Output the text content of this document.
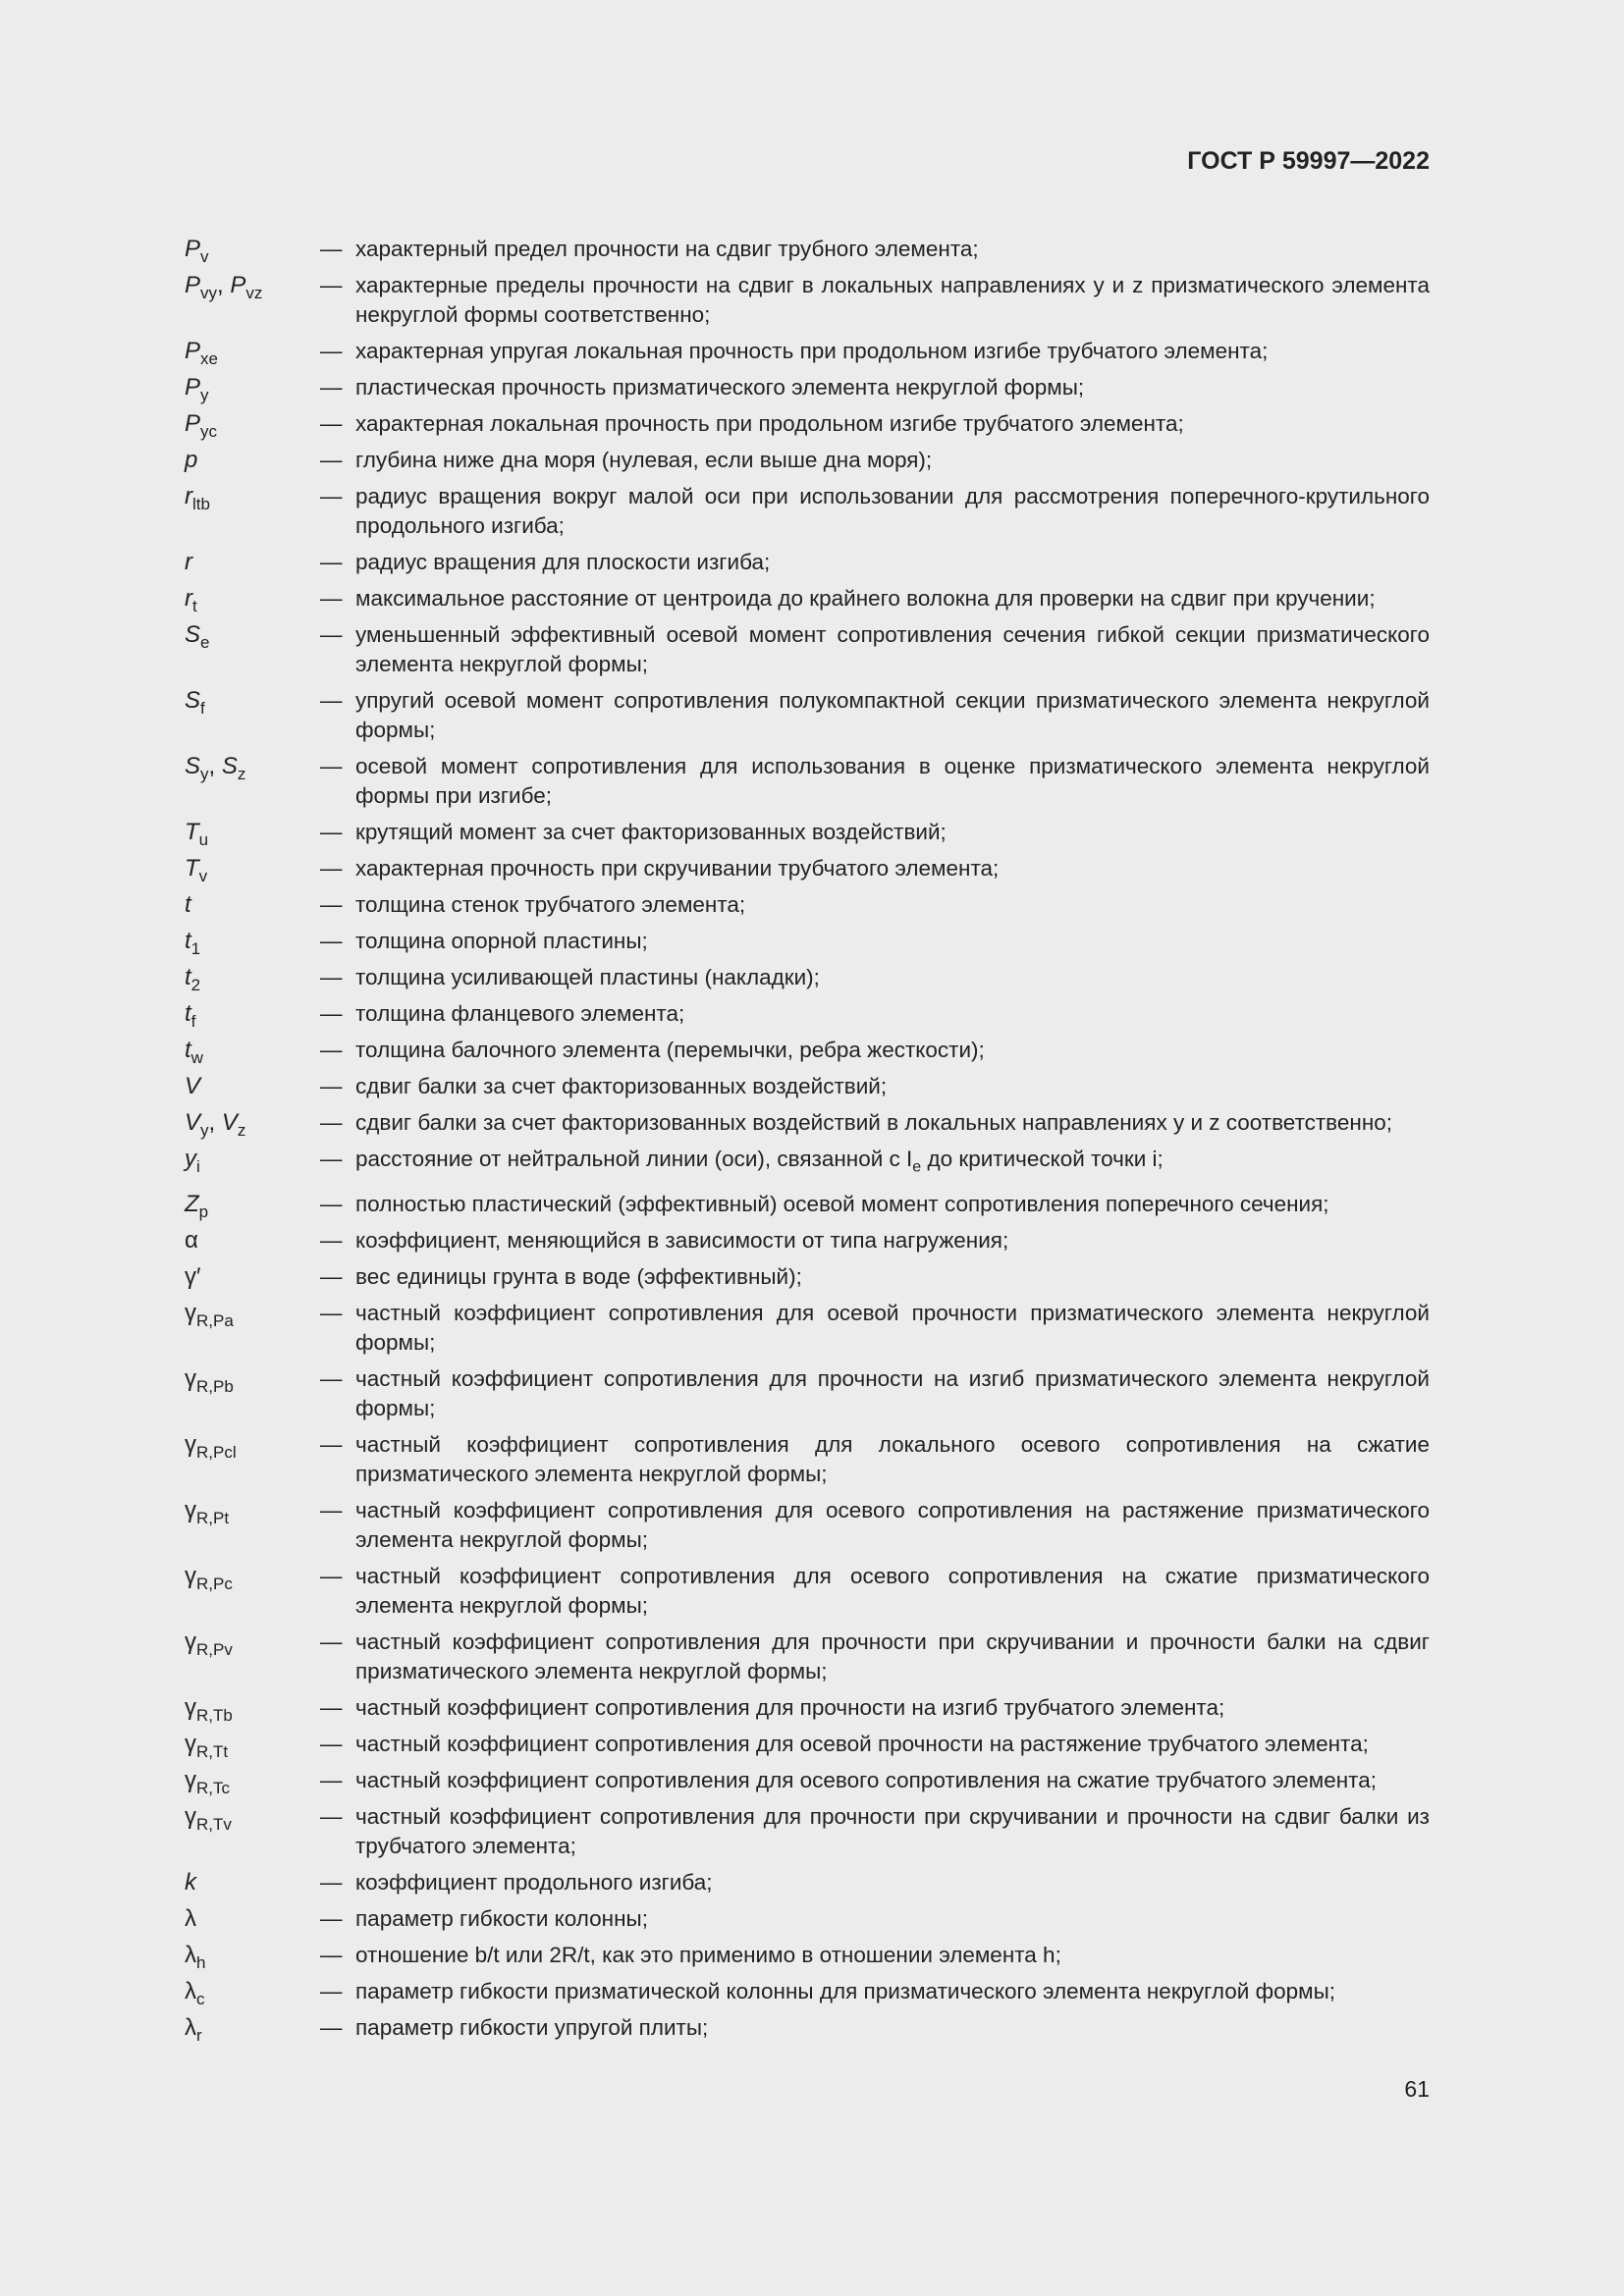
ГОСТ Р 59997—2022
$P_v$	— характерный предел прочности на сдвиг трубного элемента;
$P_{vy}$, $P_{vz}$	— характерные пределы прочности на сдвиг в локальных направлениях y и z призматического элемента некруглой формы соответственно;
$P_{xe}$	— характерная упругая локальная прочность при продольном изгибе трубчатого элемента;
$P_y$	— пластическая прочность призматического элемента некруглой формы;
$P_{yc}$	— характерная локальная прочность при продольном изгибе трубчатого элемента;
p	— глубина ниже дна моря (нулевая, если выше дна моря);
$r_{ltb}$	— радиус вращения вокруг малой оси при использовании для рассмотрения поперечного-крутильного продольного изгиба;
r	— радиус вращения для плоскости изгиба;
$r_t$	— максимальное расстояние от центроида до крайнего волокна для проверки на сдвиг при кручении;
$S_e$	— уменьшенный эффективный осевой момент сопротивления сечения гибкой секции призматического элемента некруглой формы;
$S_f$	— упругий осевой момент сопротивления полукомпактной секции призматического элемента некруглой формы;
$S_y$, $S_z$	— осевой момент сопротивления для использования в оценке призматического элемента некруглой формы при изгибе;
$T_u$	— крутящий момент за счет факторизованных воздействий;
$T_v$	— характерная прочность при скручивании трубчатого элемента;
t	— толщина стенок трубчатого элемента;
$t_1$	— толщина опорной пластины;
$t_2$	— толщина усиливающей пластины (накладки);
$t_f$	— толщина фланцевого элемента;
$t_w$	— толщина балочного элемента (перемычки, ребра жесткости);
V	— сдвиг балки за счет факторизованных воздействий;
$V_y$, $V_z$	— сдвиг балки за счет факторизованных воздействий в локальных направлениях y и z соответственно;
$y_i$	— расстояние от нейтральной линии (оси), связанной с $I_e$ до критической точки i;
$Z_p$	— полностью пластический (эффективный) осевой момент сопротивления поперечного сечения;
α	— коэффициент, меняющийся в зависимости от типа нагружения;
γ′	— вес единицы грунта в воде (эффективный);
$\gamma_{R,Pa}$	— частный коэффициент сопротивления для осевой прочности призматического элемента некруглой формы;
$\gamma_{R,Pb}$	— частный коэффициент сопротивления для прочности на изгиб призматического элемента некруглой формы;
$\gamma_{R,Pcl}$	— частный коэффициент сопротивления для локального осевого сопротивления на сжатие призматического элемента некруглой формы;
$\gamma_{R,Pt}$	— частный коэффициент сопротивления для осевого сопротивления на растяжение призматического элемента некруглой формы;
$\gamma_{R,Pc}$	— частный коэффициент сопротивления для осевого сопротивления на сжатие призматического элемента некруглой формы;
$\gamma_{R,Pv}$	— частный коэффициент сопротивления для прочности при скручивании и прочности балки на сдвиг призматического элемента некруглой формы;
$\gamma_{R,Tb}$	— частный коэффициент сопротивления для прочности на изгиб трубчатого элемента;
$\gamma_{R,Tt}$	— частный коэффициент сопротивления для осевой прочности на растяжение трубчатого элемента;
$\gamma_{R,Tc}$	— частный коэффициент сопротивления для осевого сопротивления на сжатие трубчатого элемента;
$\gamma_{R,Tv}$	— частный коэффициент сопротивления для прочности при скручивании и прочности на сдвиг балки из трубчатого элемента;
k	— коэффициент продольного изгиба;
λ	— параметр гибкости колонны;
$\lambda_h$	— отношение b/t или 2R/t, как это применимо в отношении элемента h;
$\lambda_c$	— параметр гибкости призматической колонны для призматического элемента некруглой формы;
$\lambda_r$	— параметр гибкости упругой плиты;
61
